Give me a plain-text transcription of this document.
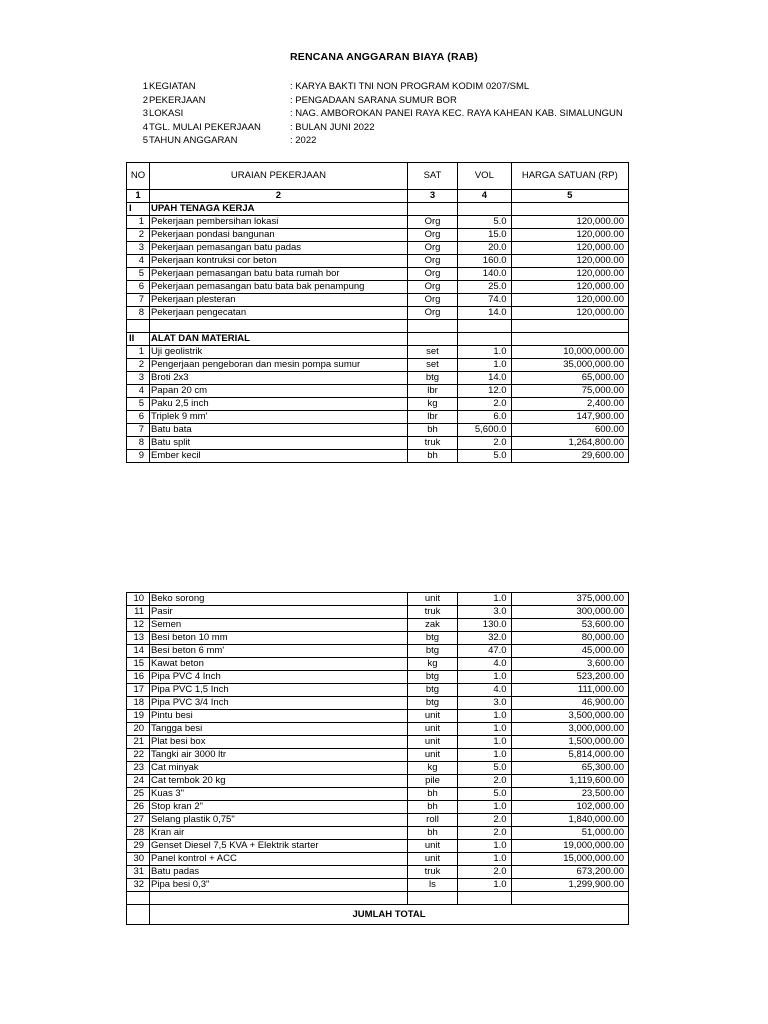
RENCANA ANGGARAN BIAYA (RAB)
1 KEGIATAN	: KARYA BAKTI TNI NON PROGRAM KODIM 0207/SML
2 PEKERJAAN	: PENGADAAN SARANA SUMUR BOR
3 LOKASI	: NAG. AMBOROKAN PANEI RAYA KEC. RAYA KAHEAN KAB. SIMALUNGUN
4 TGL. MULAI PEKERJAAN	: BULAN JUNI 2022
5 TAHUN ANGGARAN	: 2022
NO	URAIAN PEKERJAAN	SAT	VOL	HARGA SATUAN (RP)
1	2	3	4	5
I	UPAH TENAGA KERJA			
1	Pekerjaan pembersihan lokasi	Org	5.0	120,000.00
2	Pekerjaan pondasi bangunan	Org	15.0	120,000.00
3	Pekerjaan pemasangan batu padas	Org	20.0	120,000.00
4	Pekerjaan kontruksi cor beton	Org	160.0	120,000.00
5	Pekerjaan pemasangan batu bata rumah bor	Org	140.0	120,000.00
6	Pekerjaan pemasangan batu bata bak penampung	Org	25.0	120,000.00
7	Pekerjaan plesteran	Org	74.0	120,000.00
8	Pekerjaan pengecatan	Org	14.0	120,000.00

II	ALAT DAN MATERIAL			
1	Uji geolistrik	set	1.0	10,000,000.00
2	Pengerjaan pengeboran dan mesin pompa sumur	set	1.0	35,000,000.00
3	Broti 2x3	btg	14.0	65,000.00
4	Papan 20 cm	lbr	12.0	75,000.00
5	Paku 2,5 inch	kg	2.0	2,400.00
6	Triplek 9 mm'	lbr	6.0	147,900.00
7	Batu bata	bh	5,600.0	600.00
8	Batu split	truk	2.0	1,264,800.00
9	Ember kecil	bh	5.0	29,600.00
10	Beko sorong	unit	1.0	375,000.00
11	Pasir	truk	3.0	300,000.00
12	Semen	zak	130.0	53,600.00
13	Besi beton 10 mm	btg	32.0	80,000.00
14	Besi beton 6 mm'	btg	47.0	45,000.00
15	Kawat beton	kg	4.0	3,600.00
16	Pipa PVC 4 Inch	btg	1.0	523,200.00
17	Pipa PVC 1,5 Inch	btg	4.0	111,000.00
18	Pipa PVC 3/4 Inch	btg	3.0	46,900.00
19	Pintu besi	unit	1.0	3,500,000.00
20	Tangga besi	unit	1.0	3,000,000.00
21	Plat besi box	unit	1.0	1,500,000.00
22	Tangki air 3000 ltr	unit	1.0	5,814,000.00
23	Cat minyak	kg	5.0	65,300.00
24	Cat tembok 20 kg	pile	2.0	1,119,600.00
25	Kuas 3"	bh	5.0	23,500.00
26	Stop kran 2"	bh	1.0	102,000.00
27	Selang plastik 0,75"	roll	2.0	1,840,000.00
28	Kran air	bh	2.0	51,000.00
29	Genset Diesel 7,5 KVA + Elektrik starter	unit	1.0	19,000,000.00
30	Panel kontrol + ACC	unit	1.0	15,000,000.00
31	Batu padas	truk	2.0	673,200.00
32	Pipa besi 0,3"	ls	1.0	1,299,900.00

	JUMLAH TOTAL			
